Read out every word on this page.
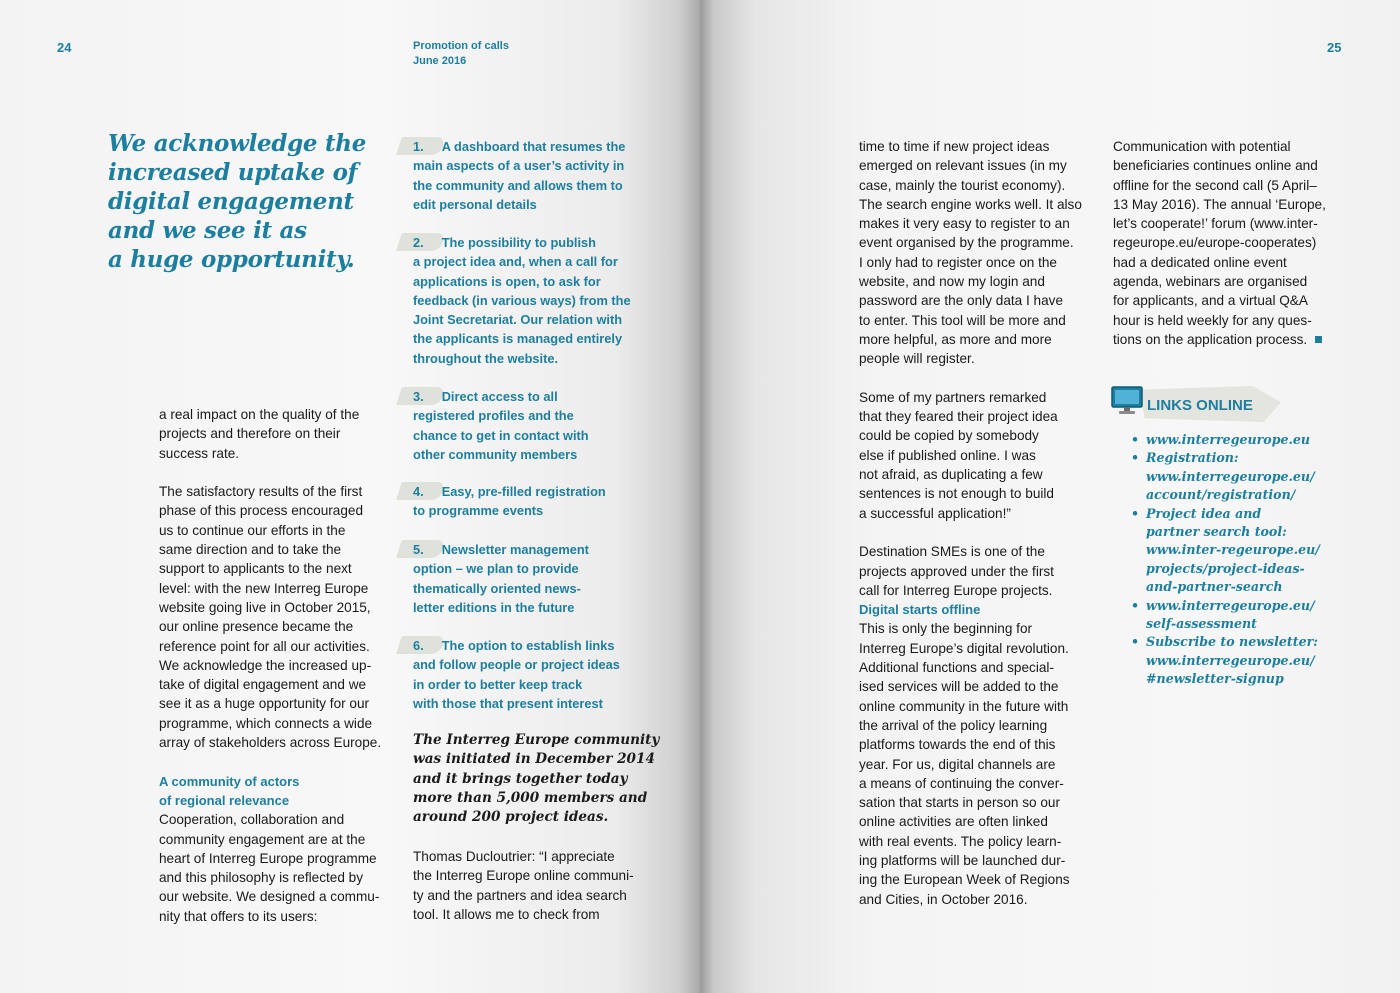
24	Promotion of calls
June 2016

We acknowledge the

increased uptake of

digital engagement

and we see it as

a huge opportunity.

a real impact on the quality of the

projects and therefore on their

success rate.

The satisfactory results of the first

phase of this process encouraged

us to continue our efforts in the

same direction and to take the

support to applicants to the next

level: with the new Interreg Europe

website going live in October 2015,

our online presence became the

reference point for all our activities.

We acknowledge the increased up-

take of digital engagement and we

see it as a huge opportunity for our

programme, which connects a wide

array of stakeholders across Europe.

A community of actors

of regional relevance

Cooperation, collaboration and

community engagement are at the

heart of Interreg Europe programme

and this philosophy is reflected by

our website. We designed a commu-

nity that offers to its users:

1. A dashboard that resumes the

main aspects of a user’s activity in

the community and allows them to

edit personal details

2. The possibility to publish

a project idea and, when a call for

applications is open, to ask for

feedback (in various ways) from the

Joint Secretariat. Our relation with

the applicants is managed entirely

throughout the website.

3. Direct access to all

registered profiles and the

chance to get in contact with

other community members

4. Easy, pre-filled registration

to programme events

5. Newsletter management

option – we plan to provide

thematically oriented news-

letter editions in the future

6. The option to establish links

and follow people or project ideas

in order to better keep track

with those that present interest

The Interreg Europe community

was initiated in December 2014

and it brings together today

more than 5,000 members and

around 200 project ideas.

Thomas Ducloutrier: “I appreciate

the Interreg Europe online communi-

ty and the partners and idea search

tool. It allows me to check from

25

time to time if new project ideas

emerged on relevant issues (in my

case, mainly the tourist economy).

The search engine works well. It also

makes it very easy to register to an

event organised by the programme.

I only had to register once on the

website, and now my login and

password are the only data I have

to enter. This tool will be more and

more helpful, as more and more

people will register.

Some of my partners remarked

that they feared their project idea

could be copied by somebody

else if published online. I was

not afraid, as duplicating a few

sentences is not enough to build

a successful application!”

Destination SMEs is one of the

projects approved under the first

call for Interreg Europe projects.

Digital starts offline

This is only the beginning for

Interreg Europe’s digital revolution.

Additional functions and special-

ised services will be added to the

online community in the future with

the arrival of the policy learning

platforms towards the end of this

year. For us, digital channels are

a means of continuing the conver-

sation that starts in person so our

online activities are often linked

with real events. The policy learn-

ing platforms will be launched dur-

ing the European Week of Regions

and Cities, in October 2016.

Communication with potential

beneficiaries continues online and

offline for the second call (5 April–

13 May 2016). The annual ‘Europe,

let’s cooperate!’ forum (www.inter-

regeurope.eu/europe-cooperates)

had a dedicated online event

agenda, webinars are organised

for applicants, and a virtual Q&A

hour is held weekly for any ques-

tions on the application process.

LINKS ONLINE
• www.interregeurope.eu
• Registration:
www.interregeurope.eu/
account/registration/
• Project idea and
partner search tool:
www.inter-regeurope.eu/
projects/project-ideas-
and-partner-search
• www.interregeurope.eu/
self-assessment
• Subscribe to newsletter:
www.interregeurope.eu/
#newsletter-signup
